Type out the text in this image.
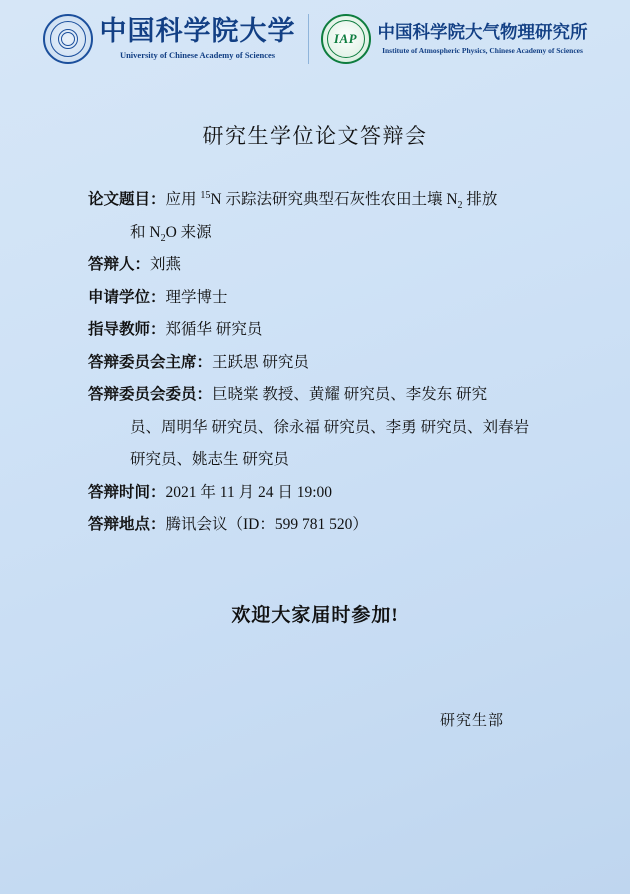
中国科学院大学
University of Chinese Academy of Sciences
IAP 中国科学院大气物理研究所
Institute of Atmospheric Physics, Chinese Academy of Sciences
研究生学位论文答辩会
论文题目： 应用 $^{15}$N 示踪法研究典型石灰性农田土壤 $N_2$ 排放
和 $N_2O$ 来源
答辩人： 刘燕
申请学位： 理学博士
指导教师： 郑循华 研究员
答辩委员会主席： 王跃思 研究员
答辩委员会委员： 巨晓棠 教授、黄耀 研究员、李发东 研究
员、周明华 研究员、徐永福 研究员、李勇 研究员、刘春岩
研究员、姚志生 研究员
答辩时间： 2021 年 11 月 24 日 19:00
答辩地点： 腾讯会议（ID：599 781 520）
欢迎大家届时参加!
研究生部
